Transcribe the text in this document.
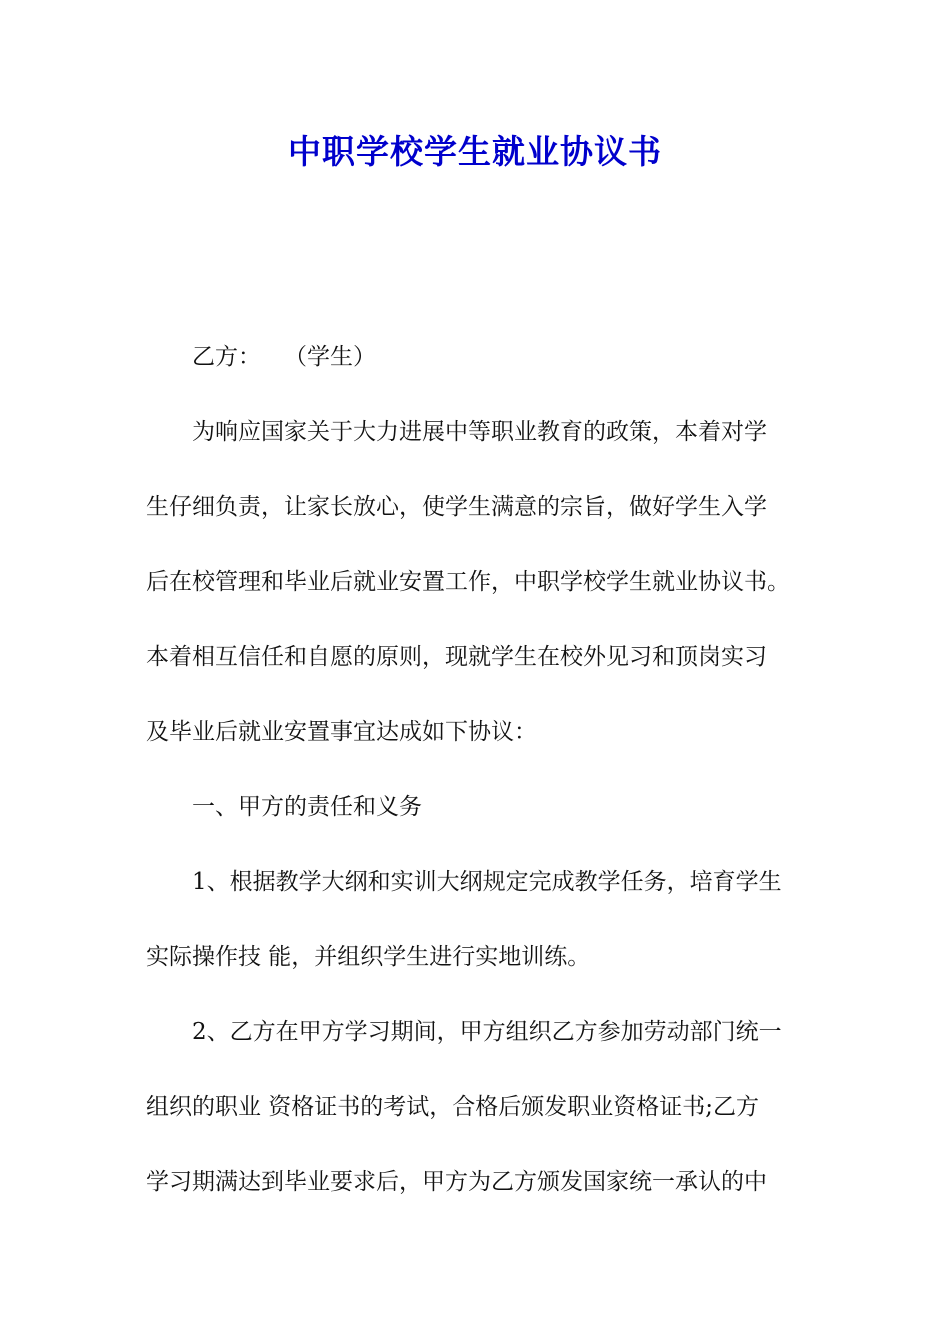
中职学校学生就业协议书

　　乙方：　　（学生）

　　为响应国家关于大力进展中等职业教育的政策，本着对学

生仔细负责，让家长放心，使学生满意的宗旨，做好学生入学

后在校管理和毕业后就业安置工作，中职学校学生就业协议书。

本着相互信任和自愿的原则，现就学生在校外见习和顶岗实习

及毕业后就业安置事宜达成如下协议：

　　一、甲方的责任和义务

　　1、根据教学大纲和实训大纲规定完成教学任务，培育学生

实际操作技 能，并组织学生进行实地训练。

　　2、乙方在甲方学习期间，甲方组织乙方参加劳动部门统一

组织的职业 资格证书的考试，合格后颁发职业资格证书;乙方

学习期满达到毕业要求后，甲方为乙方颁发国家统一承认的中
